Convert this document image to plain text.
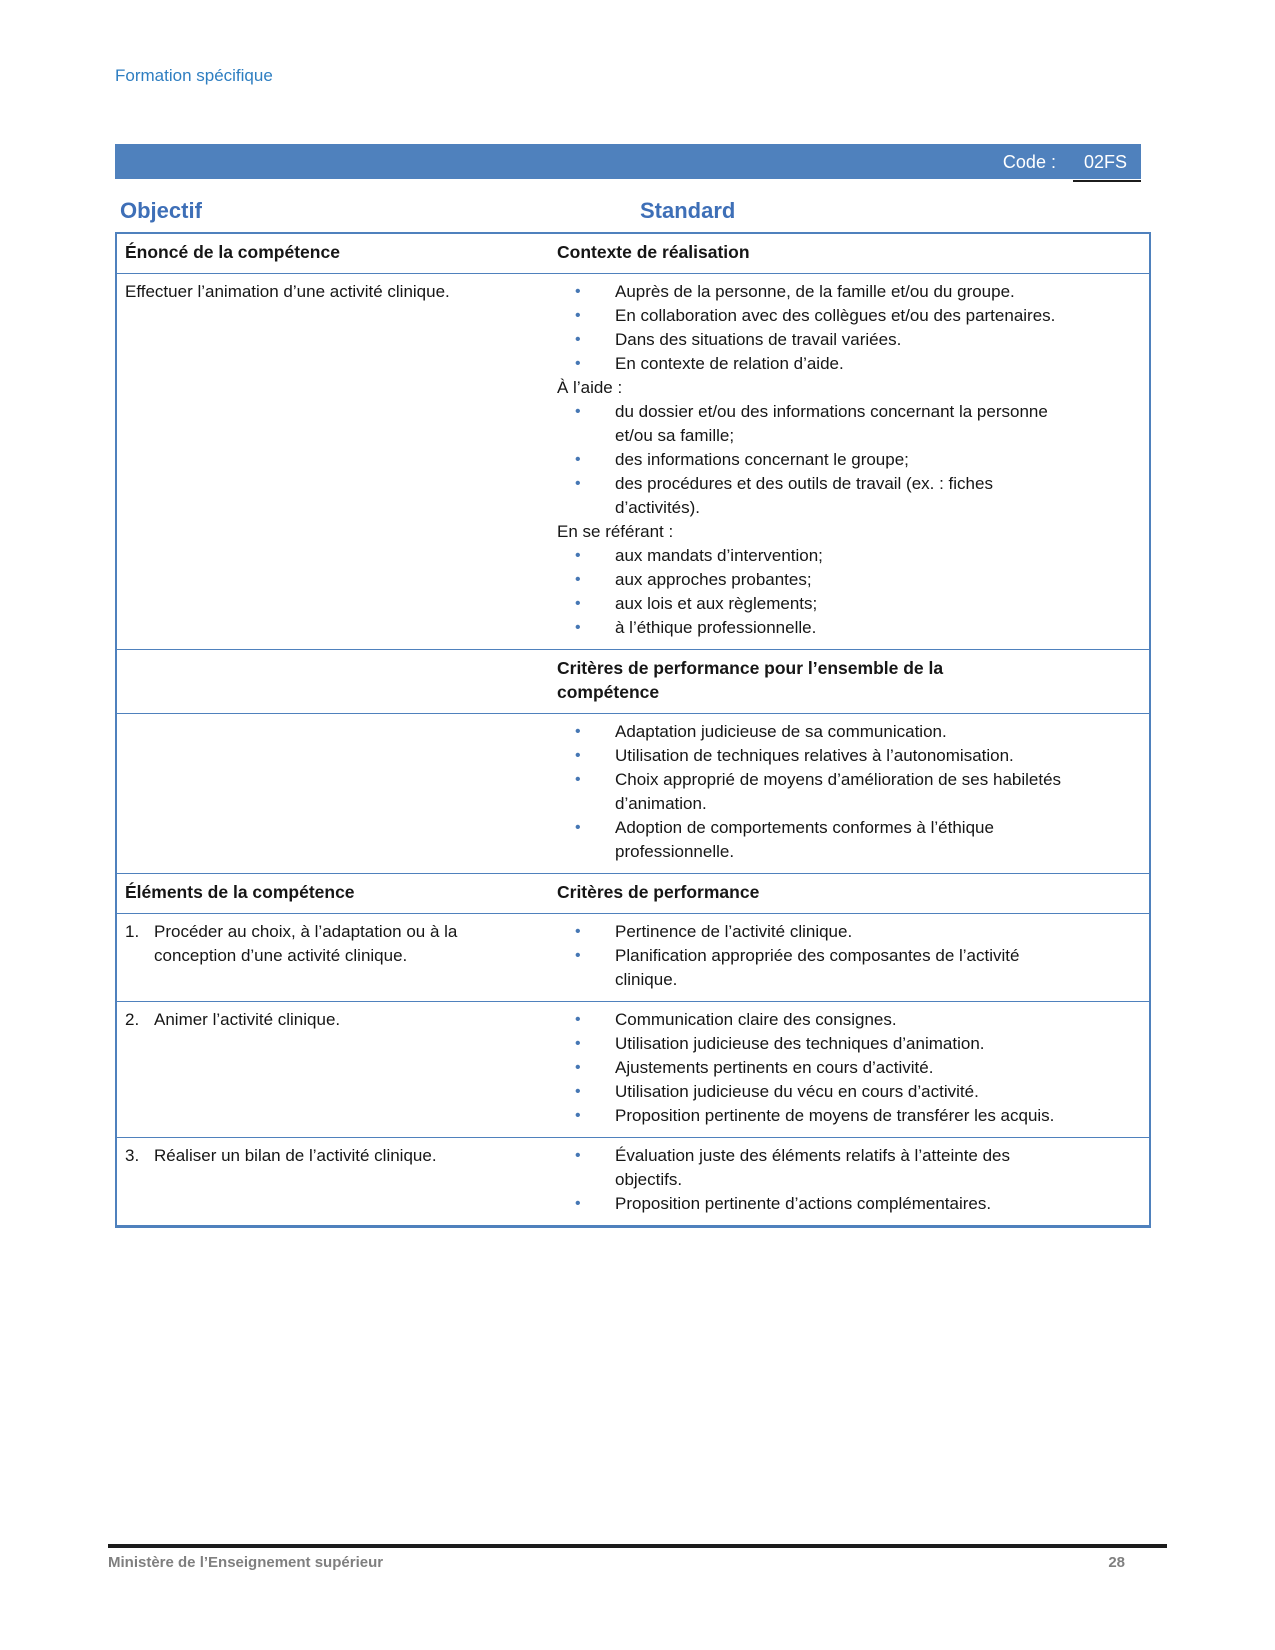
Formation spécifique
Code : 02FS
Objectif	Standard
Énoncé de la compétence	Contexte de réalisation
Effectuer l’animation d’une activité clinique.	•	Auprès de la personne, de la famille et/ou du groupe.
•	En collaboration avec des collègues et/ou des partenaires.
•	Dans des situations de travail variées.
•	En contexte de relation d’aide.
À l’aide :
•	du dossier et/ou des informations concernant la personne et/ou sa famille;
•	des informations concernant le groupe;
•	des procédures et des outils de travail (ex. : fiches d’activités).
En se référant :
•	aux mandats d’intervention;
•	aux approches probantes;
•	aux lois et aux règlements;
•	à l’éthique professionnelle.
Critères de performance pour l’ensemble de la compétence
•	Adaptation judicieuse de sa communication.
•	Utilisation de techniques relatives à l’autonomisation.
•	Choix approprié de moyens d’amélioration de ses habiletés d’animation.
•	Adoption de comportements conformes à l’éthique professionnelle.
Éléments de la compétence	Critères de performance
1. Procéder au choix, à l’adaptation ou à la conception d’une activité clinique.
•	Pertinence de l’activité clinique.
•	Planification appropriée des composantes de l’activité clinique.
2. Animer l’activité clinique.	•	Communication claire des consignes.
•	Utilisation judicieuse des techniques d’animation.
•	Ajustements pertinents en cours d’activité.
•	Utilisation judicieuse du vécu en cours d’activité.
•	Proposition pertinente de moyens de transférer les acquis.
3. Réaliser un bilan de l’activité clinique.	•	Évaluation juste des éléments relatifs à l’atteinte des objectifs.
•	Proposition pertinente d’actions complémentaires.
Ministère de l’Enseignement supérieur	28
